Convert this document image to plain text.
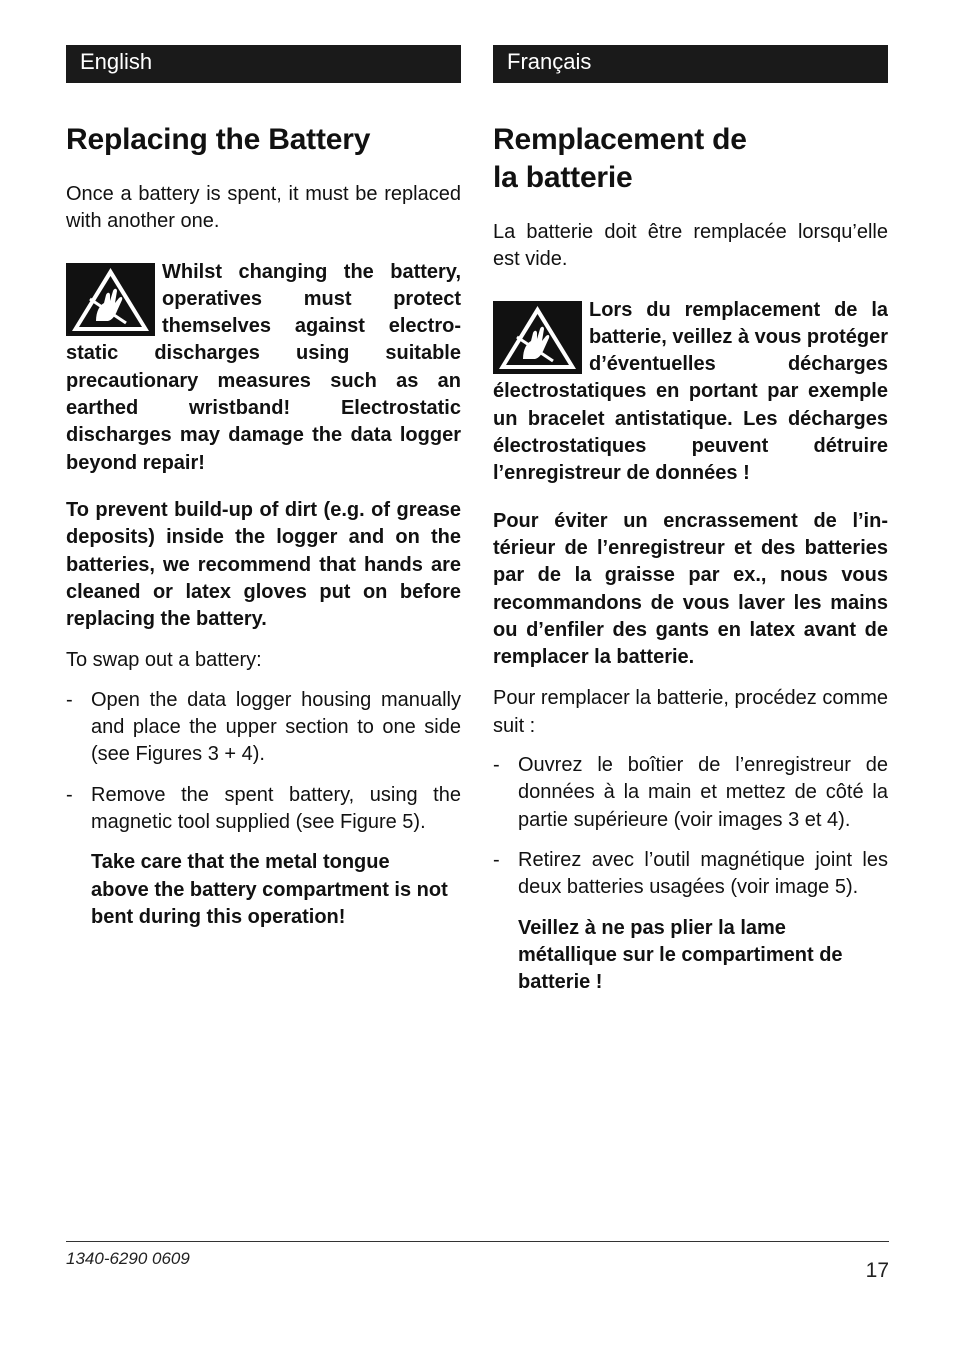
English
Replacing the Battery

Once a battery is spent, it must be replaced with another one.

Whilst changing the battery, operatives must protect themselves against electrostatic discharges using suitable precautionary measures such as an earthed wristband! Electrostatic discharges may damage the data logger beyond repair!

To prevent build-up of dirt (e.g. of grease deposits) inside the logger and on the batteries, we recommend that hands are cleaned or latex gloves put on before replacing the battery.

To swap out a battery:

- Open the data logger housing manually and place the upper section to one side (see Figures 3 + 4).
- Remove the spent battery, using the magnetic tool supplied (see Figure 5).

Take care that the metal tongue above the battery compartment is not bent during this operation!

Français
Remplacement de
la batterie

La batterie doit être remplacée lorsqu’elle est vide.

Lors du remplacement de la batterie, veillez à vous protéger d’éventuelles décharges électrostatiques en portant par exemple un bracelet antistatique. Les décharges électrostatiques peuvent détruire l’enregistreur de données !

Pour éviter un encrassement de l’intérieur de l’enregistreur et des batteries par de la graisse par ex., nous vous recommandons de vous laver les mains ou d’enfiler des gants en latex avant de remplacer la batterie.

Pour remplacer la batterie, procédez comme suit :

- Ouvrez le boîtier de l’enregistreur de données à la main et mettez de côté la partie supérieure (voir images 3 et 4).
- Retirez avec l’outil magnétique joint les deux batteries usagées (voir image 5).

Veillez à ne pas plier la lame métallique sur le compartiment de batterie !

1340-6290 0609
17
